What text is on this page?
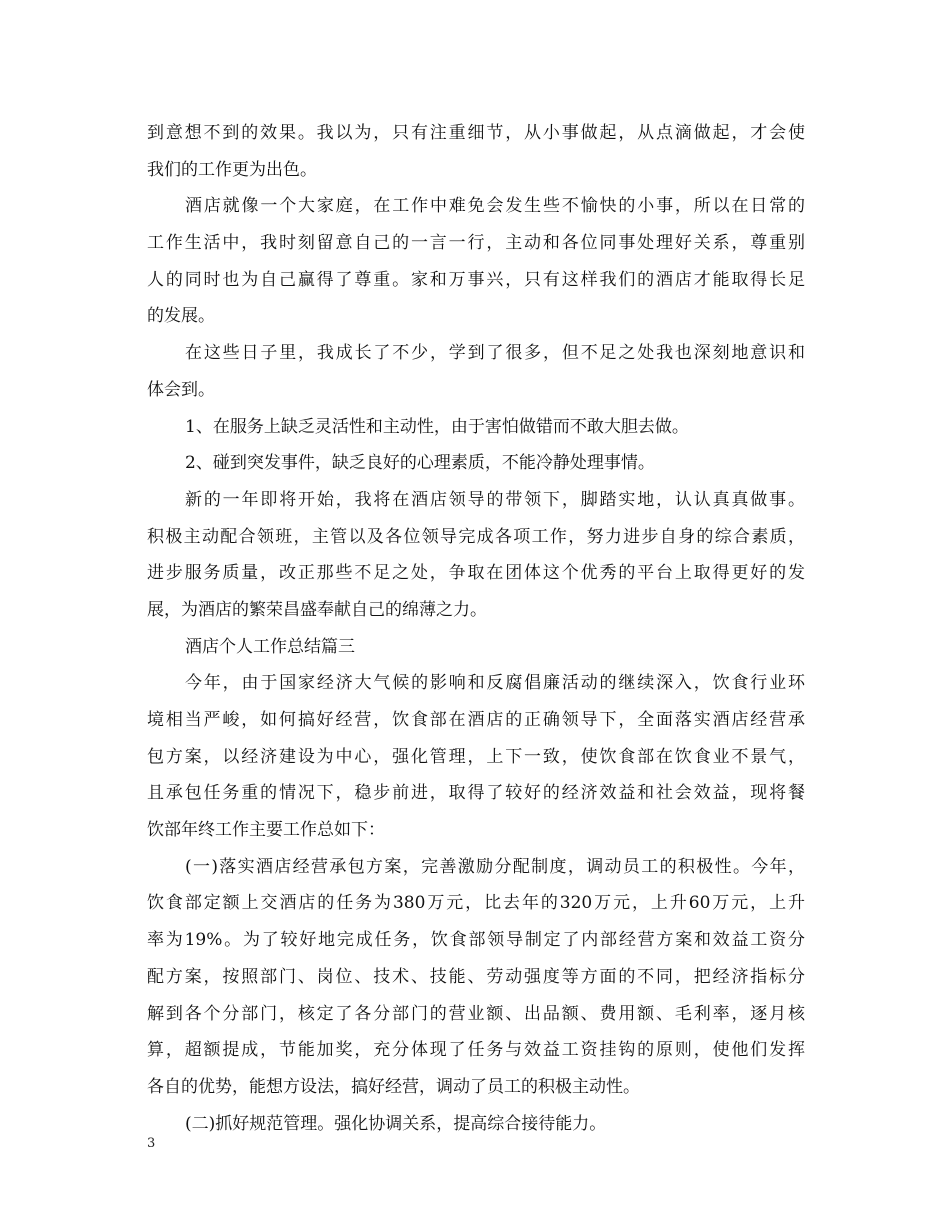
到意想不到的效果。我以为，只有注重细节，从小事做起，从点滴做起，才会使
我们的工作更为出色。
酒店就像一个大家庭，在工作中难免会发生些不愉快的小事，所以在日常的
工作生活中，我时刻留意自己的一言一行，主动和各位同事处理好关系，尊重别
人的同时也为自己赢得了尊重。家和万事兴，只有这样我们的酒店才能取得长足
的发展。
在这些日子里，我成长了不少，学到了很多，但不足之处我也深刻地意识和
体会到。
1、在服务上缺乏灵活性和主动性，由于害怕做错而不敢大胆去做。
2、碰到突发事件，缺乏良好的心理素质，不能冷静处理事情。
新的一年即将开始，我将在酒店领导的带领下，脚踏实地，认认真真做事。
积极主动配合领班，主管以及各位领导完成各项工作，努力进步自身的综合素质，
进步服务质量，改正那些不足之处，争取在团体这个优秀的平台上取得更好的发
展，为酒店的繁荣昌盛奉献自己的绵薄之力。
酒店个人工作总结篇三
今年，由于国家经济大气候的影响和反腐倡廉活动的继续深入，饮食行业环
境相当严峻，如何搞好经营，饮食部在酒店的正确领导下，全面落实酒店经营承
包方案，以经济建设为中心，强化管理，上下一致，使饮食部在饮食业不景气，
且承包任务重的情况下，稳步前进，取得了较好的经济效益和社会效益，现将餐
饮部年终工作主要工作总如下：
(一)落实酒店经营承包方案，完善激励分配制度，调动员工的积极性。今年，
饮食部定额上交酒店的任务为380万元，比去年的320万元，上升60万元，上升
率为19%。为了较好地完成任务，饮食部领导制定了内部经营方案和效益工资分
配方案，按照部门、岗位、技术、技能、劳动强度等方面的不同，把经济指标分
解到各个分部门，核定了各分部门的营业额、出品额、费用额、毛利率，逐月核
算，超额提成，节能加奖，充分体现了任务与效益工资挂钩的原则，使他们发挥
各自的优势，能想方设法，搞好经营，调动了员工的积极主动性。
(二)抓好规范管理。强化协调关系，提高综合接待能力。
3
